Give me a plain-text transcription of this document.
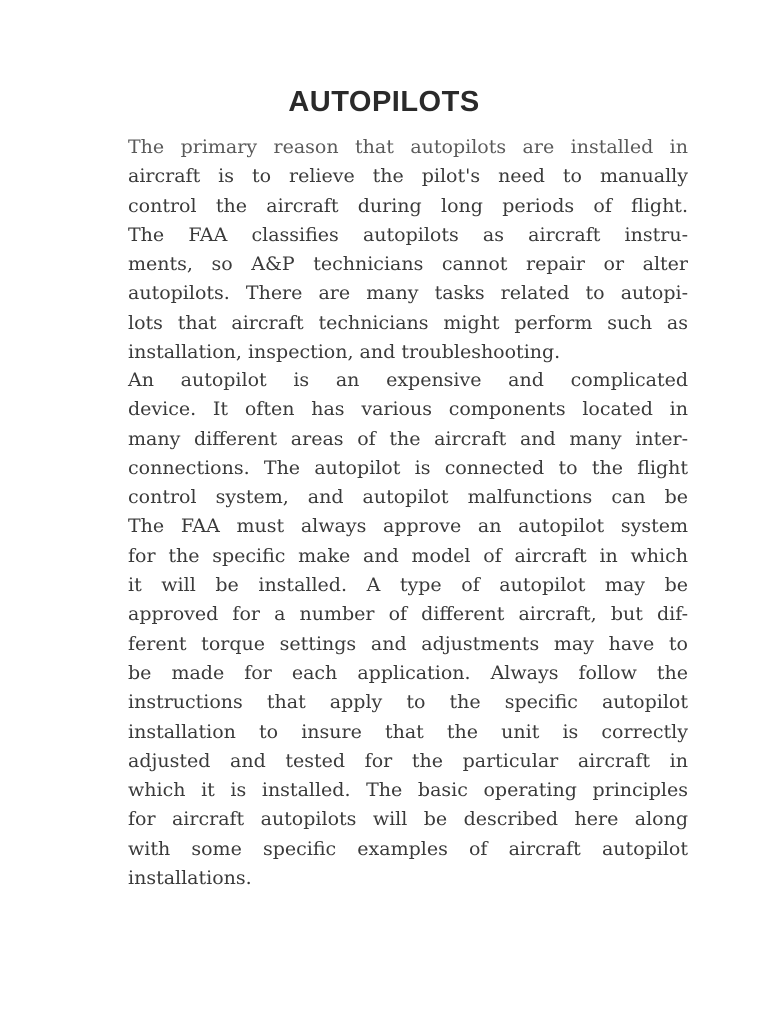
AUTOPILOTS
The primary reason that autopilots are installed in
aircraft is to relieve the pilot's need to manually
control the aircraft during long periods of flight.
The FAA classifies autopilots as aircraft instru-
ments, so A&P technicians cannot repair or alter
autopilots. There are many tasks related to autopi-
lots that aircraft technicians might perform such as
installation, inspection, and troubleshooting.
An autopilot is an expensive and complicated
device. It often has various components located in
many different areas of the aircraft and many inter-
connections. The autopilot is connected to the flight
control system, and autopilot malfunctions can be
The FAA must always approve an autopilot system
for the specific make and model of aircraft in which
it will be installed. A type of autopilot may be
approved for a number of different aircraft, but dif-
ferent torque settings and adjustments may have to
be made for each application. Always follow the
instructions that apply to the specific autopilot
installation to insure that the unit is correctly
adjusted and tested for the particular aircraft in
which it is installed. The basic operating principles
for aircraft autopilots will be described here along
with some specific examples of aircraft autopilot
installations.
